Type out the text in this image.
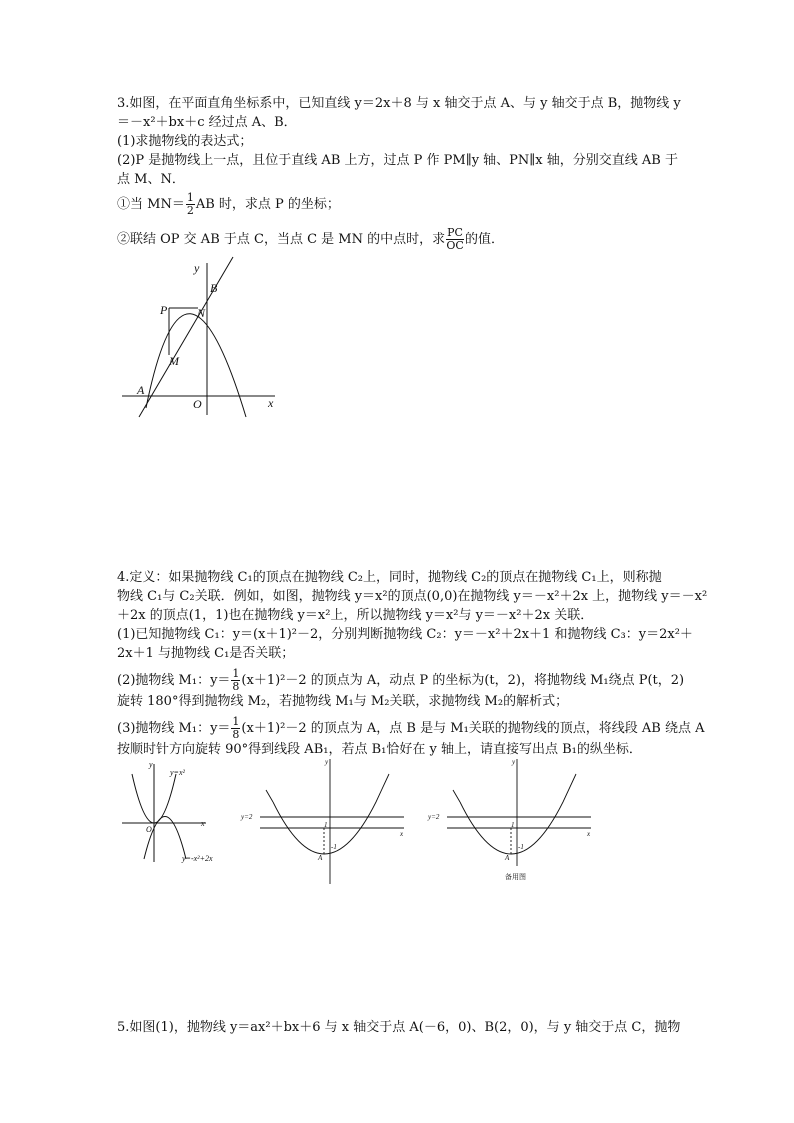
3.如图，在平面直角坐标系中，已知直线 y＝2x＋8 与 x 轴交于点 A、与 y 轴交于点 B，抛物线 y
＝－x²＋bx＋c 经过点 A、B．
(1)求抛物线的表达式；
(2)P 是抛物线上一点，且位于直线 AB 上方，过点 P 作 PM∥y 轴、PN∥x 轴，分别交直线 AB 于
点 M、N．
①当 $MN= \frac{1}{2}$ AB 时，求点 P 的坐标；
②联结 OP 交 AB 于点 C，当点 C 是 MN 的中点时，求 $\frac{PC}{OC}$ 的值．
y
x
B
P N
M
A
O
4.定义：如果抛物线 C₁的顶点在抛物线 C₂上，同时，抛物线 C₂的顶点在抛物线 C₁上，则称抛
物线 C₁与 C₂关联．例如，如图，抛物线 y＝x²的顶点(0,0)在抛物线 y＝－x²＋2x 上，抛物线 y＝－x²
＋2x 的顶点(1，1)也在抛物线 y＝x²上，所以抛物线 y＝x²与 y＝－x²＋2x 关联．
(1)已知抛物线 C₁：y＝(x＋1)²－2，分别判断抛物线 C₂：y＝－x²＋2x＋1 和抛物线 C₃：y＝2x²＋
2x＋1 与抛物线 C₁是否关联；
(2)抛物线 M₁：$y= \frac{1}{8} (x+1)^2-2$ 的顶点为 A，动点 P 的坐标为(t，2)，将抛物线 M₁绕点 P(t，2)
旋转 180°得到抛物线 M₂，若抛物线 M₁与 M₂关联，求抛物线 M₂的解析式；
(3)抛物线 M₁：$y= \frac{1}{8} (x+1)^2-2$ 的顶点为 A，点 B 是与 M₁关联的抛物线的顶点，将线段 AB 绕点 A
按顺时针方向旋转 90°得到线段 AB₁，若点 B₁恰好在 y 轴上，请直接写出点 B₁的纵坐标．
y
x
O
y=x²
y=-x²+2x
y
x
y=2
1
-1
A
y
x
y=2
1
-1
A
备用图
5.如图(1)，抛物线 y＝ax²＋bx＋6 与 x 轴交于点 A(－6，0)、B(2，0)，与 y 轴交于点 C，抛物
